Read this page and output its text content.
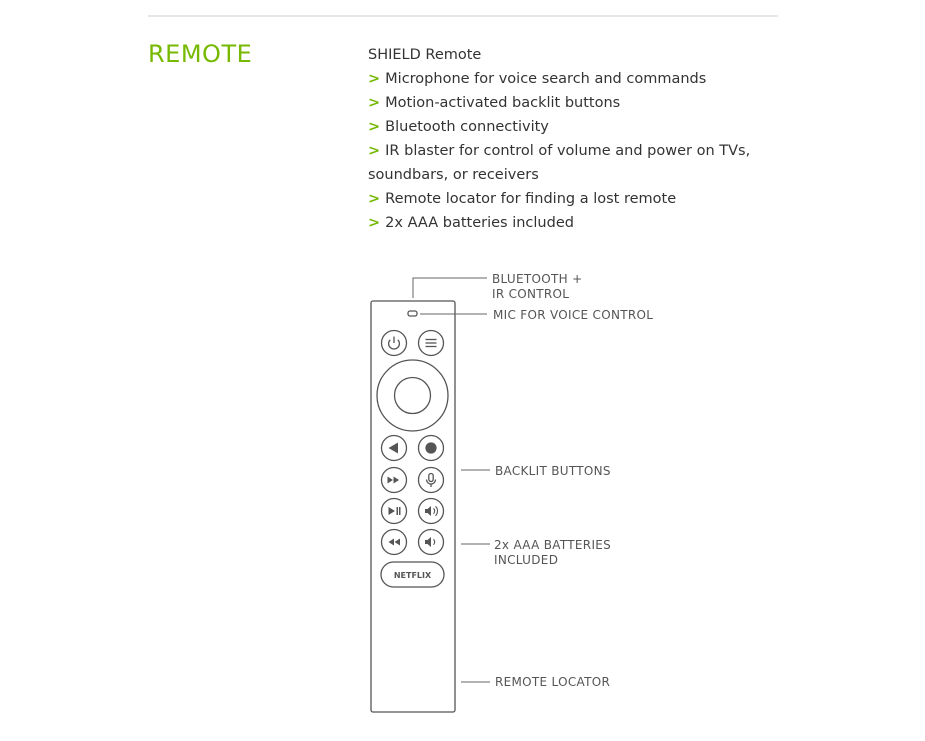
REMOTE	SHIELD Remote
> Microphone for voice search and commands
> Motion-activated backlit buttons
> Bluetooth connectivity
> IR blaster for control of volume and power on TVs,
soundbars, or receivers
> Remote locator for finding a lost remote
> 2x AAA batteries included
NETFLIX
BLUETOOTH +
IR CONTROL
MIC FOR VOICE CONTROL
BACKLIT BUTTONS
2x AAA BATTERIES
INCLUDED
REMOTE LOCATOR
